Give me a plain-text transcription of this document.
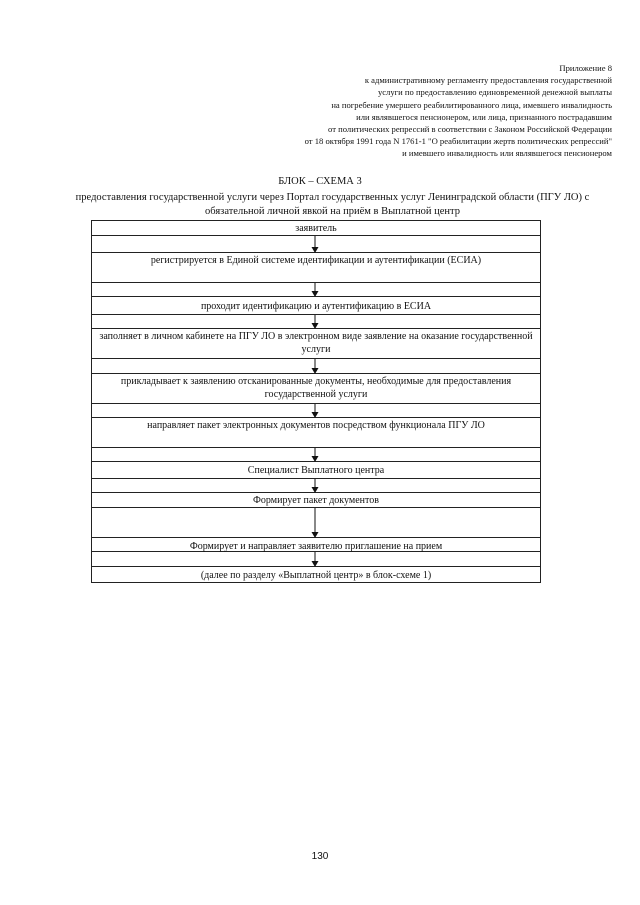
Приложение 8
к административному регламенту предоставления государственной
услуги по предоставлению единовременной денежной выплаты
на погребение умершего реабилитированного лица, имевшего инвалидность
или являвшегося пенсионером, или лица, признанного пострадавшим
от политических репрессий в соответствии с Законом Российской Федерации
от 18 октября 1991 года N 1761-1 "О реабилитации жертв политических репрессий"
и имевшего инвалидность или являвшегося пенсионером
БЛОК – СХЕМА 3
предоставления государственной услуги через Портал государственных услуг Ленинградской области (ПГУ ЛО) с обязательной личной явкой на приём в Выплатной центр
заявитель
регистрируется в Единой системе идентификации и аутентификации (ЕСИА)
проходит идентификацию и аутентификацию в ЕСИА
заполняет в личном кабинете на ПГУ ЛО в электронном виде заявление на оказание государственной услуги
прикладывает к заявлению отсканированные документы, необходимые для предоставления государственной услуги
направляет пакет электронных документов посредством функционала ПГУ ЛО
Специалист Выплатного центра
Формирует пакет документов
Формирует и направляет заявителю приглашение на прием
(далее по разделу «Выплатной центр» в блок-схеме 1)
130
